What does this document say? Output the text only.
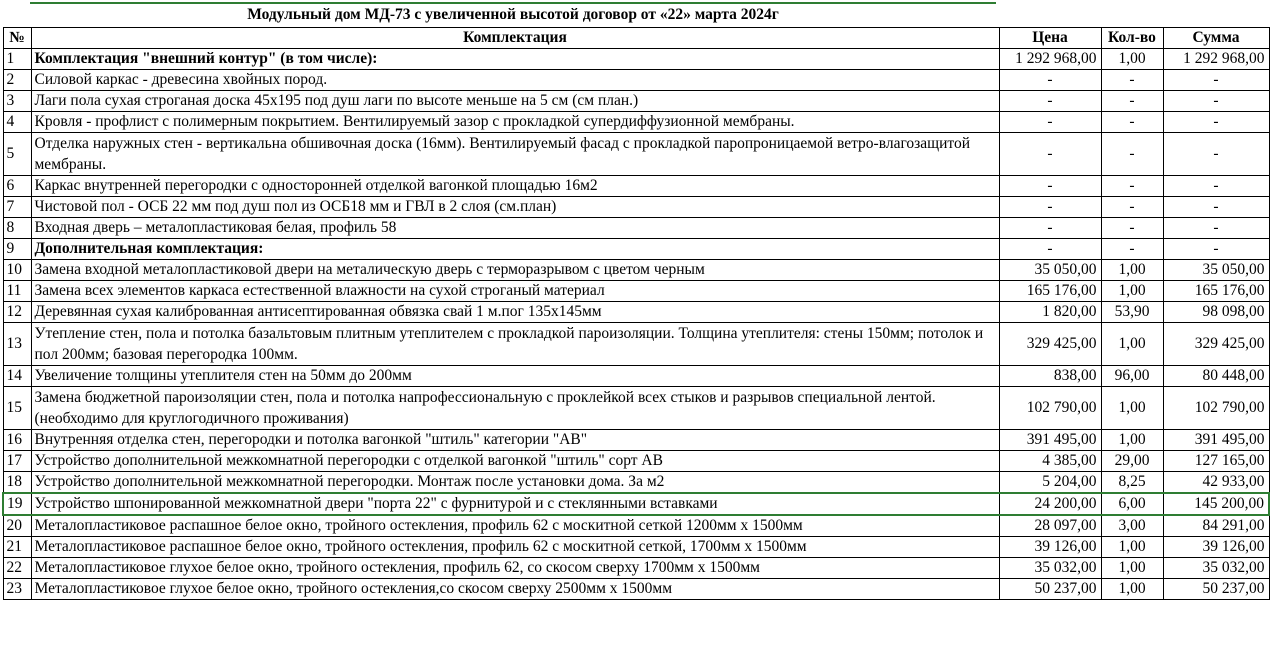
Модульный дом МД-73 с увеличенной высотой договор от «22» марта 2024г
№	Комплектация	Цена	Кол-во	Сумма
1	Комплектация "внешний контур" (в том числе):	1 292 968,00	1,00	1 292 968,00
2	Силовой каркас - древесина хвойных пород.	-	-	-
3	Лаги пола сухая строганая доска 45х195 под душ лаги по высоте меньше на 5 см (см план.)	-	-	-
4	Кровля - профлист с полимерным покрытием. Вентилируемый зазор с прокладкой супердиффузионной мембраны.	-	-	-
5	Отделка наружных стен - вертикальна обшивочная доска (16мм). Вентилируемый фасад с прокладкой паропроницаемой ветро-влагозащитой мембраны.	-	-	-
6	Каркас внутренней перегородки с односторонней отделкой вагонкой площадью 16м2	-	-	-
7	Чистовой пол - ОСБ 22 мм под душ пол из ОСБ18 мм и ГВЛ в 2 слоя (см.план)	-	-	-
8	Входная дверь – металопластиковая белая, профиль 58	-	-	-
9	Дополнительная комплектация:	-	-	-
10	Замена входной металопластиковой двери на металическую дверь с терморазрывом с цветом черным	35 050,00	1,00	35 050,00
11	Замена всех элементов каркаса естественной влажности на сухой строганый материал	165 176,00	1,00	165 176,00
12	Деревянная сухая калиброванная антисептированная обвязка свай 1 м.пог 135х145мм	1 820,00	53,90	98 098,00
13	Утепление стен, пола и потолка базальтовым плитным утеплителем с прокладкой пароизоляции. Толщина утеплителя: стены 150мм; потолок и пол 200мм; базовая перегородка 100мм.	329 425,00	1,00	329 425,00
14	Увеличение толщины утеплителя стен на 50мм до 200мм	838,00	96,00	80 448,00
15	Замена бюджетной пароизоляции стен, пола и потолка напрофессиональную с проклейкой всех стыков и разрывов специальной лентой. (необходимо для круглогодичного проживания)	102 790,00	1,00	102 790,00
16	Внутренняя отделка стен, перегородки и потолка вагонкой "штиль" категории "АВ"	391 495,00	1,00	391 495,00
17	Устройство дополнительной межкомнатной перегородки с отделкой вагонкой "штиль" сорт АВ	4 385,00	29,00	127 165,00
18	Устройство дополнительной межкомнатной перегородки. Монтаж после установки дома. За м2	5 204,00	8,25	42 933,00
19	Устройство шпонированной межкомнатной двери "порта 22" с фурнитурой и с стеклянными вставками	24 200,00	6,00	145 200,00
20	Металопластиковое распашное белое окно, тройного остекления, профиль 62 с москитной сеткой 1200мм х 1500мм	28 097,00	3,00	84 291,00
21	Металопластиковое распашное белое окно, тройного остекления, профиль 62 с москитной сеткой, 1700мм х 1500мм	39 126,00	1,00	39 126,00
22	Металопластиковое глухое белое окно, тройного остекления, профиль 62, со скосом сверху 1700мм х 1500мм	35 032,00	1,00	35 032,00
23	Металопластиковое глухое белое окно, тройного остекления,со скосом сверху 2500мм х 1500мм	50 237,00	1,00	50 237,00
